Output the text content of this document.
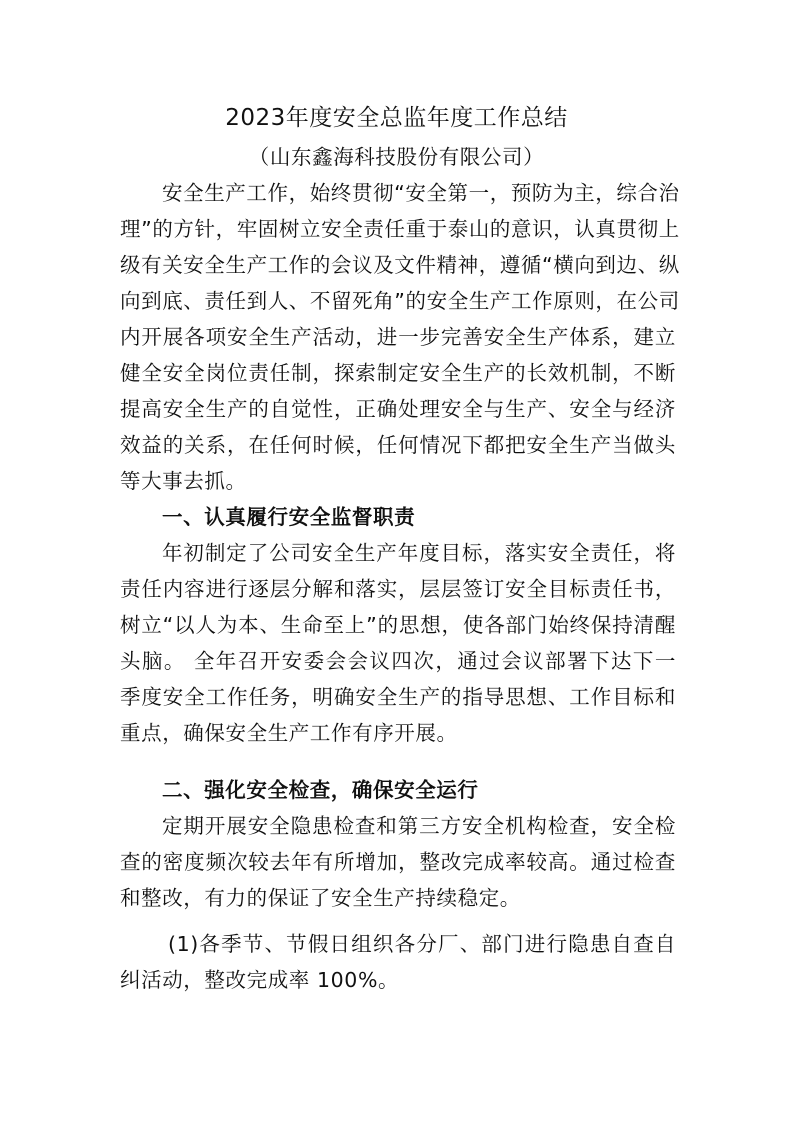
2023年度安全总监年度工作总结
（山东鑫海科技股份有限公司）
安全生产工作，始终贯彻“安全第一，预防为主，综合治
理”的方针，牢固树立安全责任重于泰山的意识，认真贯彻上
级有关安全生产工作的会议及文件精神，遵循“横向到边、纵
向到底、责任到人、不留死角”的安全生产工作原则，在公司
内开展各项安全生产活动，进一步完善安全生产体系，建立
健全安全岗位责任制，探索制定安全生产的长效机制，不断
提高安全生产的自觉性，正确处理安全与生产、安全与经济
效益的关系，在任何时候，任何情况下都把安全生产当做头
等大事去抓。
一、认真履行安全监督职责
年初制定了公司安全生产年度目标，落实安全责任，将
责任内容进行逐层分解和落实，层层签订安全目标责任书，
树立“以人为本、生命至上”的思想，使各部门始终保持清醒
头脑。 全年召开安委会会议四次，通过会议部署下达下一
季度安全工作任务，明确安全生产的指导思想、工作目标和
重点，确保安全生产工作有序开展。
二、强化安全检查，确保安全运行
定期开展安全隐患检查和第三方安全机构检查，安全检
查的密度频次较去年有所增加，整改完成率较高。通过检查
和整改，有力的保证了安全生产持续稳定。
(1)各季节、节假日组织各分厂、部门进行隐患自查自
纠活动，整改完成率 100%。
